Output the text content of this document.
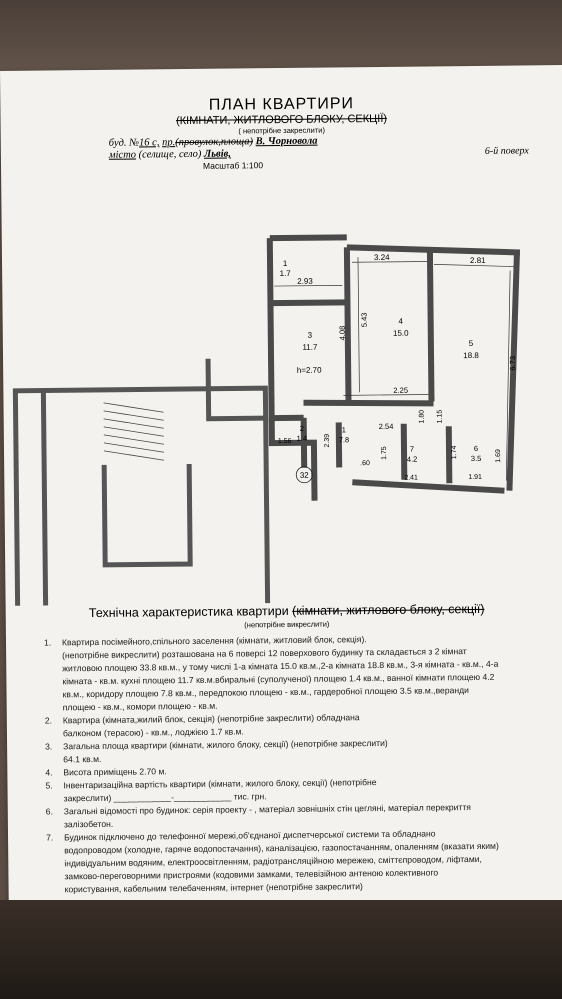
ПЛАН КВАРТИРИ
(КІМНАТИ, ЖИТЛОВОГО БЛОКУ, СЕКЦІЇ)
( непотрібне закреслити)
буд. №16 с, пр.(провулок,площа) В. Чорновола
місто (селище, село) Львів,
Масштаб 1:100
6-й поверх
1
1.7
2.93
3.24	2.81
3
11.7
h=2.70
4
15.0
5
18.8
5.43
4.08
6.73
2.25
2
1.4
1
7.8
7
4.2
6
3.5
2.54
1.80 1.15
1.56	2.39
1.75
.60
2.41
1.74	1.69
1.91
32
Технічна характеристика квартири (кімнати, житлового блоку, секції)
(непотрібне викреслити)
1. Квартира посімейного,спільного заселення (кімнати, житловий блок, секція).
(непотрібне викреслити) розташована на 6 поверсі 12 поверхового будинку та складається з 2 кімнат
житловою площею 33.8 кв.м., у тому числі 1-а кімната 15.0 кв.м.,2-а кімната 18.8 кв.м., 3-я кімната - кв.м., 4-а
кімната - кв.м. кухні площею 11.7 кв.м.вбиральні (суполученої) площею 1.4 кв.м., ванної кімнати площею 4.2
кв.м., коридору площею 7.8 кв.м., передпокою площею - кв.м., гардеробної площею 3.5 кв.м.,веранди
площею - кв.м., комори площею - кв.м.
2. Квартира (кімната,жилий блок, секція) (непотрібне закреслити) обладнана
балконом (терасою) - кв.м., лоджією 1.7 кв.м.
3. Загальна площа квартири (кімнати, жилого блоку, секції) (непотрібне закреслити)
64.1 кв.м.
4. Висота приміщень 2.70 м.
5. Інвентаризаційна вартість квартири (кімнати, жилого блоку, секції) (непотрібне
закреслити) ____________-____________ тис. грн.
6. Загальні відомості про будинок: серія проекту - , матеріал зовнішніх стін цегляні, матеріал перекриття
залізобетон.
7. Будинок підключено до телефонної мережі,об'єднаної диспетчерської системи та обладнано
водопроводом (холодне, гаряче водопостачання), каналізацією, газопостачанням, опаленням (вказати яким)
індивідуальним водяним, електроосвітленням, радіотрансляційною мережею, сміттєпроводом, ліфтами,
замково-переговорними пристроями (кодовими замками, телевізійною антеною колективного
користування, кабельним телебаченням, інтернет (непотрібне закреслити)
